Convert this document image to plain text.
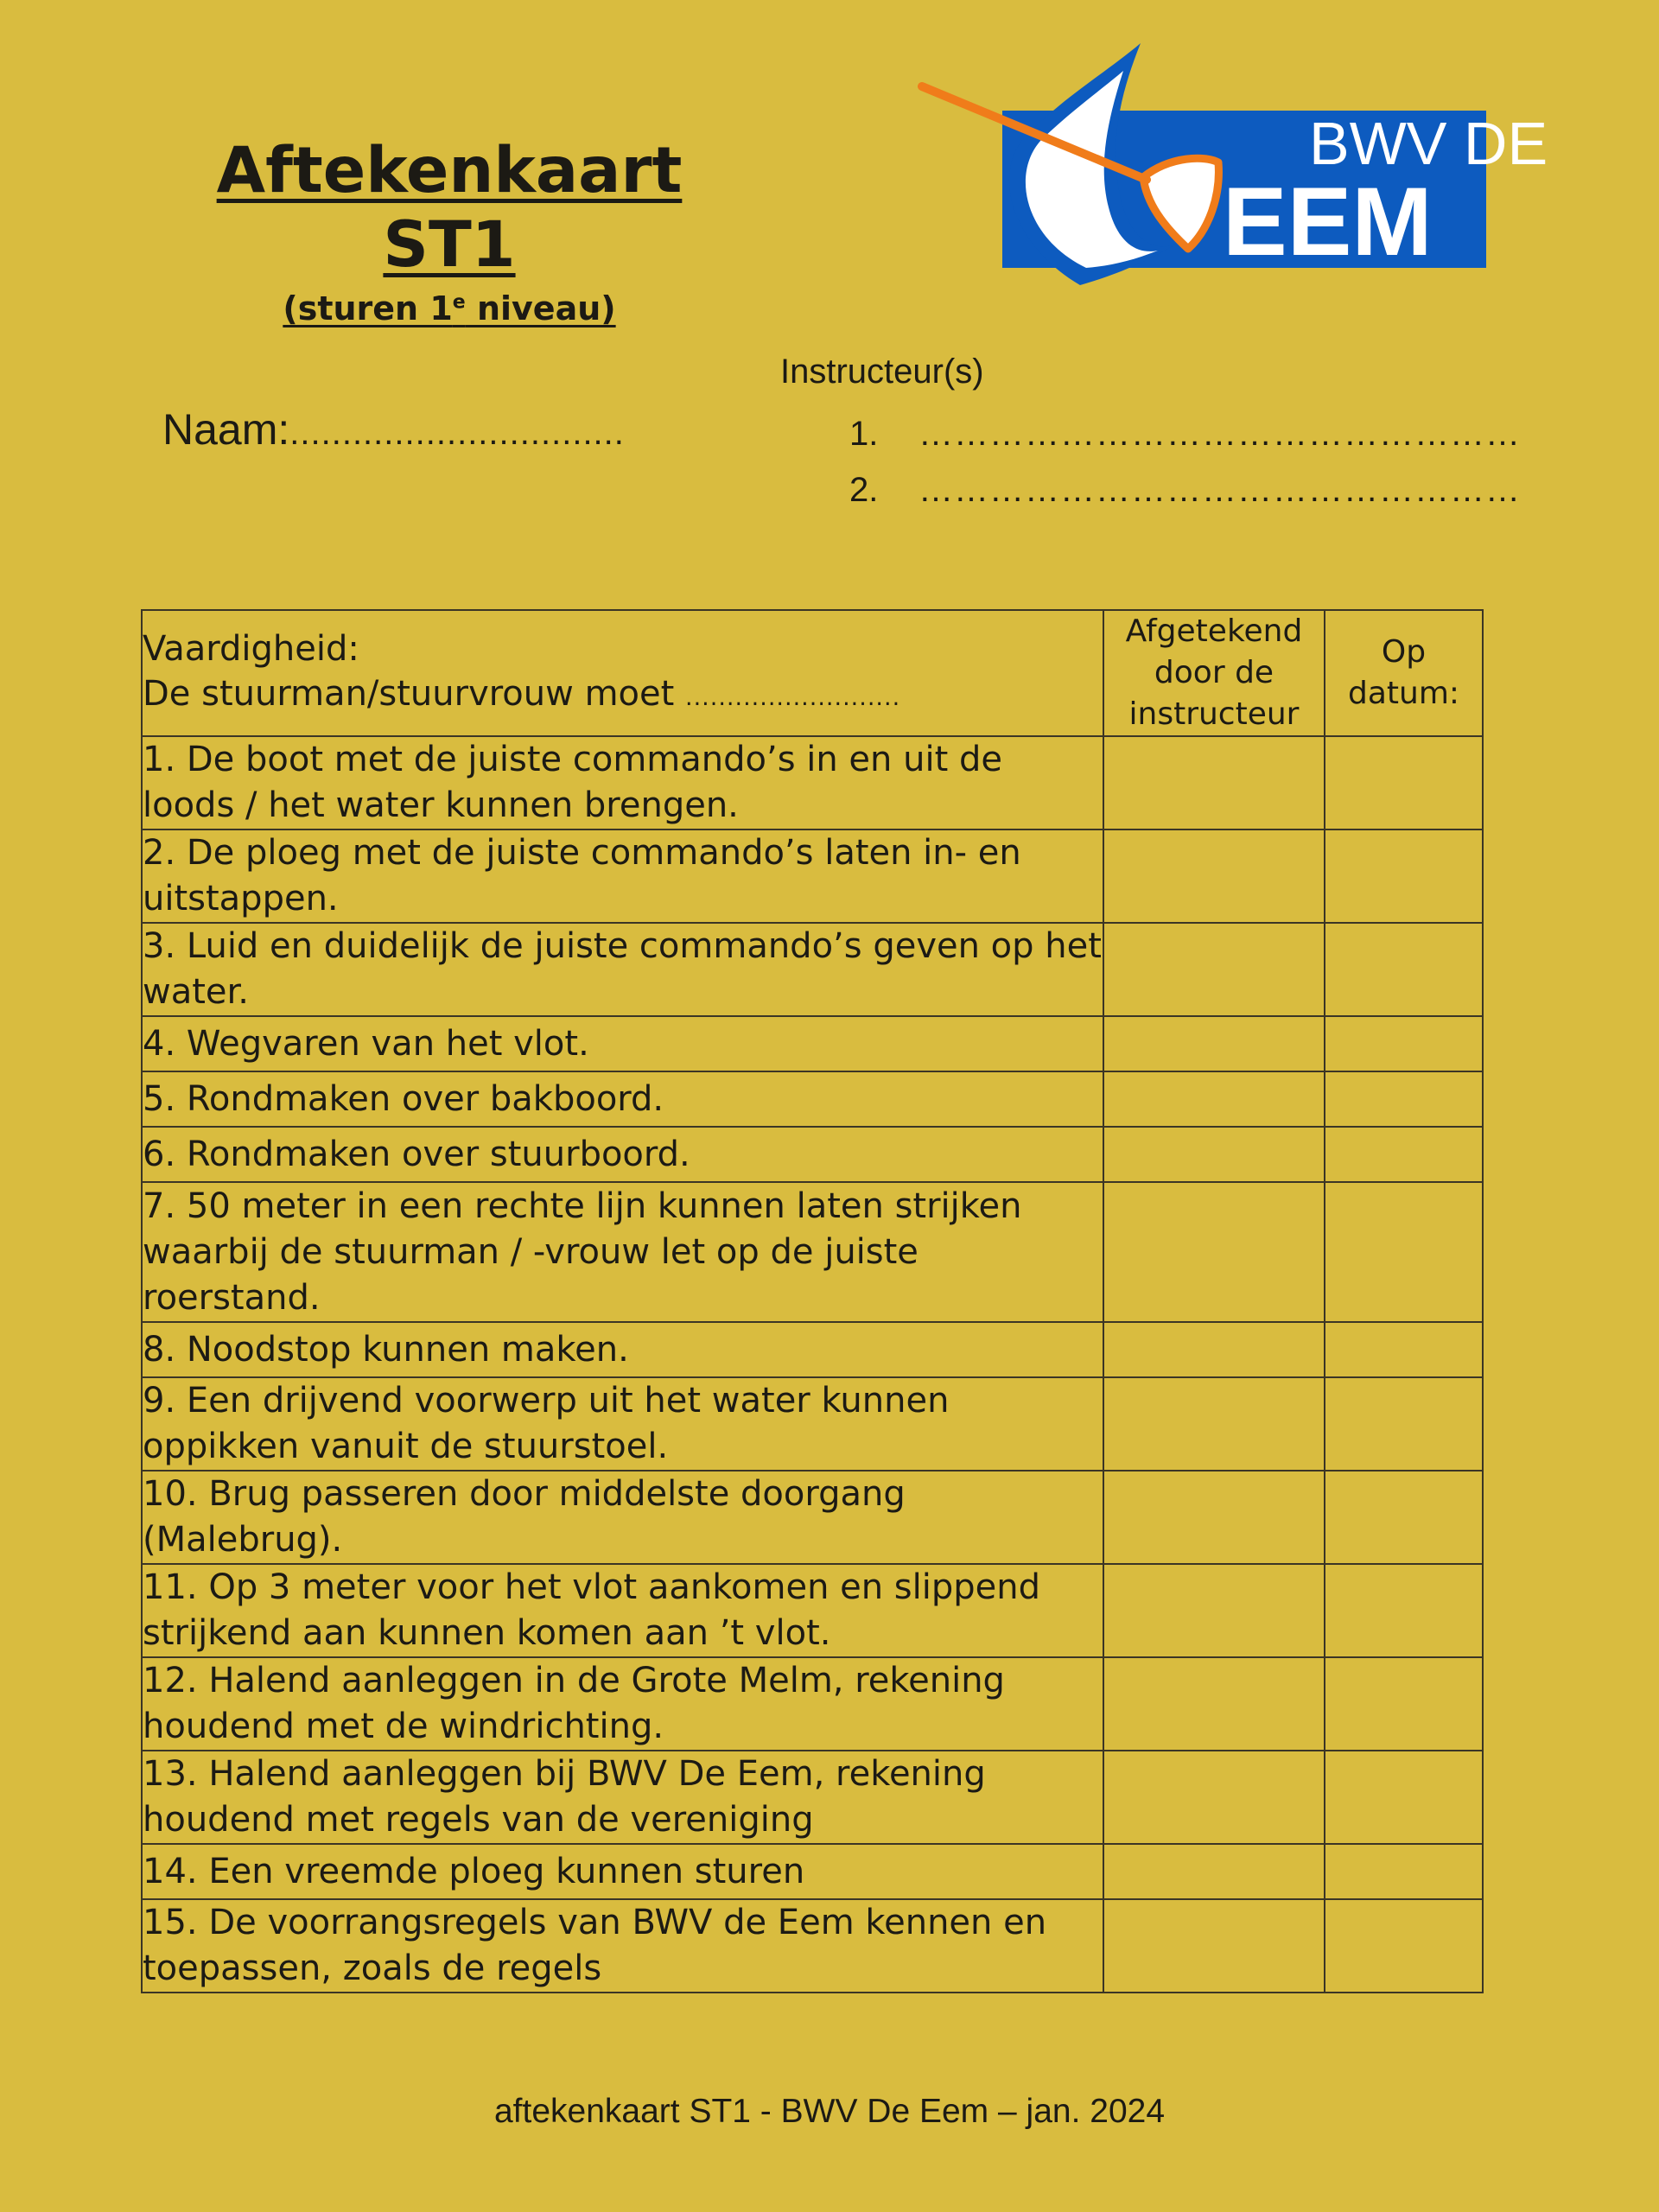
Aftekenkaart
ST1
(sturen 1e niveau)
BWV DE
EEM
Naam:................................
Instructeur(s)
1. ……………………………………………
2. ……………………………………………
Vaardigheid:
De stuurman/stuurvrouw moet ..........................	Afgetekend door de instructeur	Op datum:
1. De boot met de juiste commando’s in en uit de loods / het water kunnen brengen.		
2. De ploeg met de juiste commando’s laten in- en uitstappen.		
3. Luid en duidelijk de juiste commando’s geven op het water.		
4. Wegvaren van het vlot.		
5. Rondmaken over bakboord.		
6. Rondmaken over stuurboord.		
7. 50 meter in een rechte lijn kunnen laten strijken waarbij de stuurman / -vrouw let op de juiste roerstand.		
8. Noodstop kunnen maken.		
9. Een drijvend voorwerp uit het water kunnen oppikken vanuit de stuurstoel.		
10. Brug passeren door middelste doorgang (Malebrug).		
11. Op 3 meter voor het vlot aankomen en slippend strijkend aan kunnen komen aan ’t vlot.		
12. Halend aanleggen in de Grote Melm, rekening houdend met de windrichting.		
13. Halend aanleggen bij BWV De Eem, rekening houdend met regels van de vereniging		
14. Een vreemde ploeg kunnen sturen		
15. De voorrangsregels van BWV de Eem kennen en toepassen, zoals de regels		
aftekenkaart ST1 - BWV De Eem – jan. 2024
